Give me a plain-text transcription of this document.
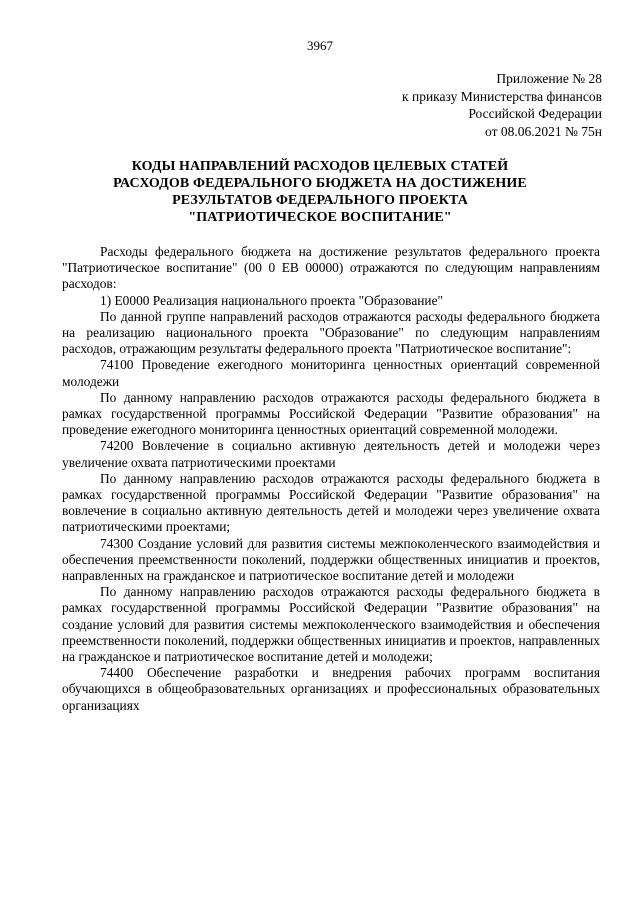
3967
Приложение № 28
к приказу Министерства финансов
Российской Федерации
от 08.06.2021 № 75н
КОДЫ НАПРАВЛЕНИЙ РАСХОДОВ ЦЕЛЕВЫХ СТАТЕЙ
РАСХОДОВ ФЕДЕРАЛЬНОГО БЮДЖЕТА НА ДОСТИЖЕНИЕ
РЕЗУЛЬТАТОВ ФЕДЕРАЛЬНОГО ПРОЕКТА
"ПАТРИОТИЧЕСКОЕ ВОСПИТАНИЕ"

Расходы федерального бюджета на достижение результатов федерального проекта "Патриотическое воспитание" (00 0 ЕВ 00000) отражаются по следующим направлениям расходов:

1) Е0000 Реализация национального проекта "Образование"

По данной группе направлений расходов отражаются расходы федерального бюджета на реализацию национального проекта "Образование" по следующим направлениям расходов, отражающим результаты федерального проекта "Патриотическое воспитание":

74100 Проведение ежегодного мониторинга ценностных ориентаций современной молодежи

По данному направлению расходов отражаются расходы федерального бюджета в рамках государственной программы Российской Федерации "Развитие образования" на проведение ежегодного мониторинга ценностных ориентаций современной молодежи.

74200 Вовлечение в социально активную деятельность детей и молодежи через увеличение охвата патриотическими проектами

По данному направлению расходов отражаются расходы федерального бюджета в рамках государственной программы Российской Федерации "Развитие образования" на вовлечение в социально активную деятельность детей и молодежи через увеличение охвата патриотическими проектами;

74300 Создание условий для развития системы межпоколенческого взаимодействия и обеспечения преемственности поколений, поддержки общественных инициатив и проектов, направленных на гражданское и патриотическое воспитание детей и молодежи

По данному направлению расходов отражаются расходы федерального бюджета в рамках государственной программы Российской Федерации "Развитие образования" на создание условий для развития системы межпоколенческого взаимодействия и обеспечения преемственности поколений, поддержки общественных инициатив и проектов, направленных на гражданское и патриотическое воспитание детей и молодежи;

74400 Обеспечение разработки и внедрения рабочих программ воспитания обучающихся в общеобразовательных организациях и профессиональных образовательных организациях
